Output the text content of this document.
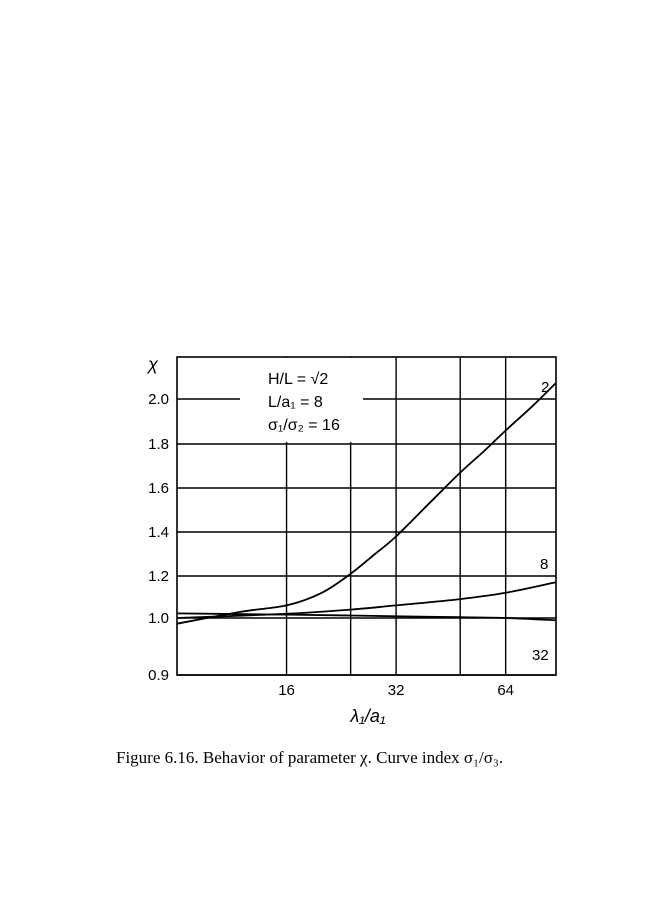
0.9
1.0
1.2
1.4
1.6
1.8
2.0
16	32	64
χ
λ₁/a₁
H/L = √2
L/a₁ = 8
σ₁/σ₂ = 16
2
8
32
Figure 6.16. Behavior of parameter χ. Curve index σ₁/σ₃.
